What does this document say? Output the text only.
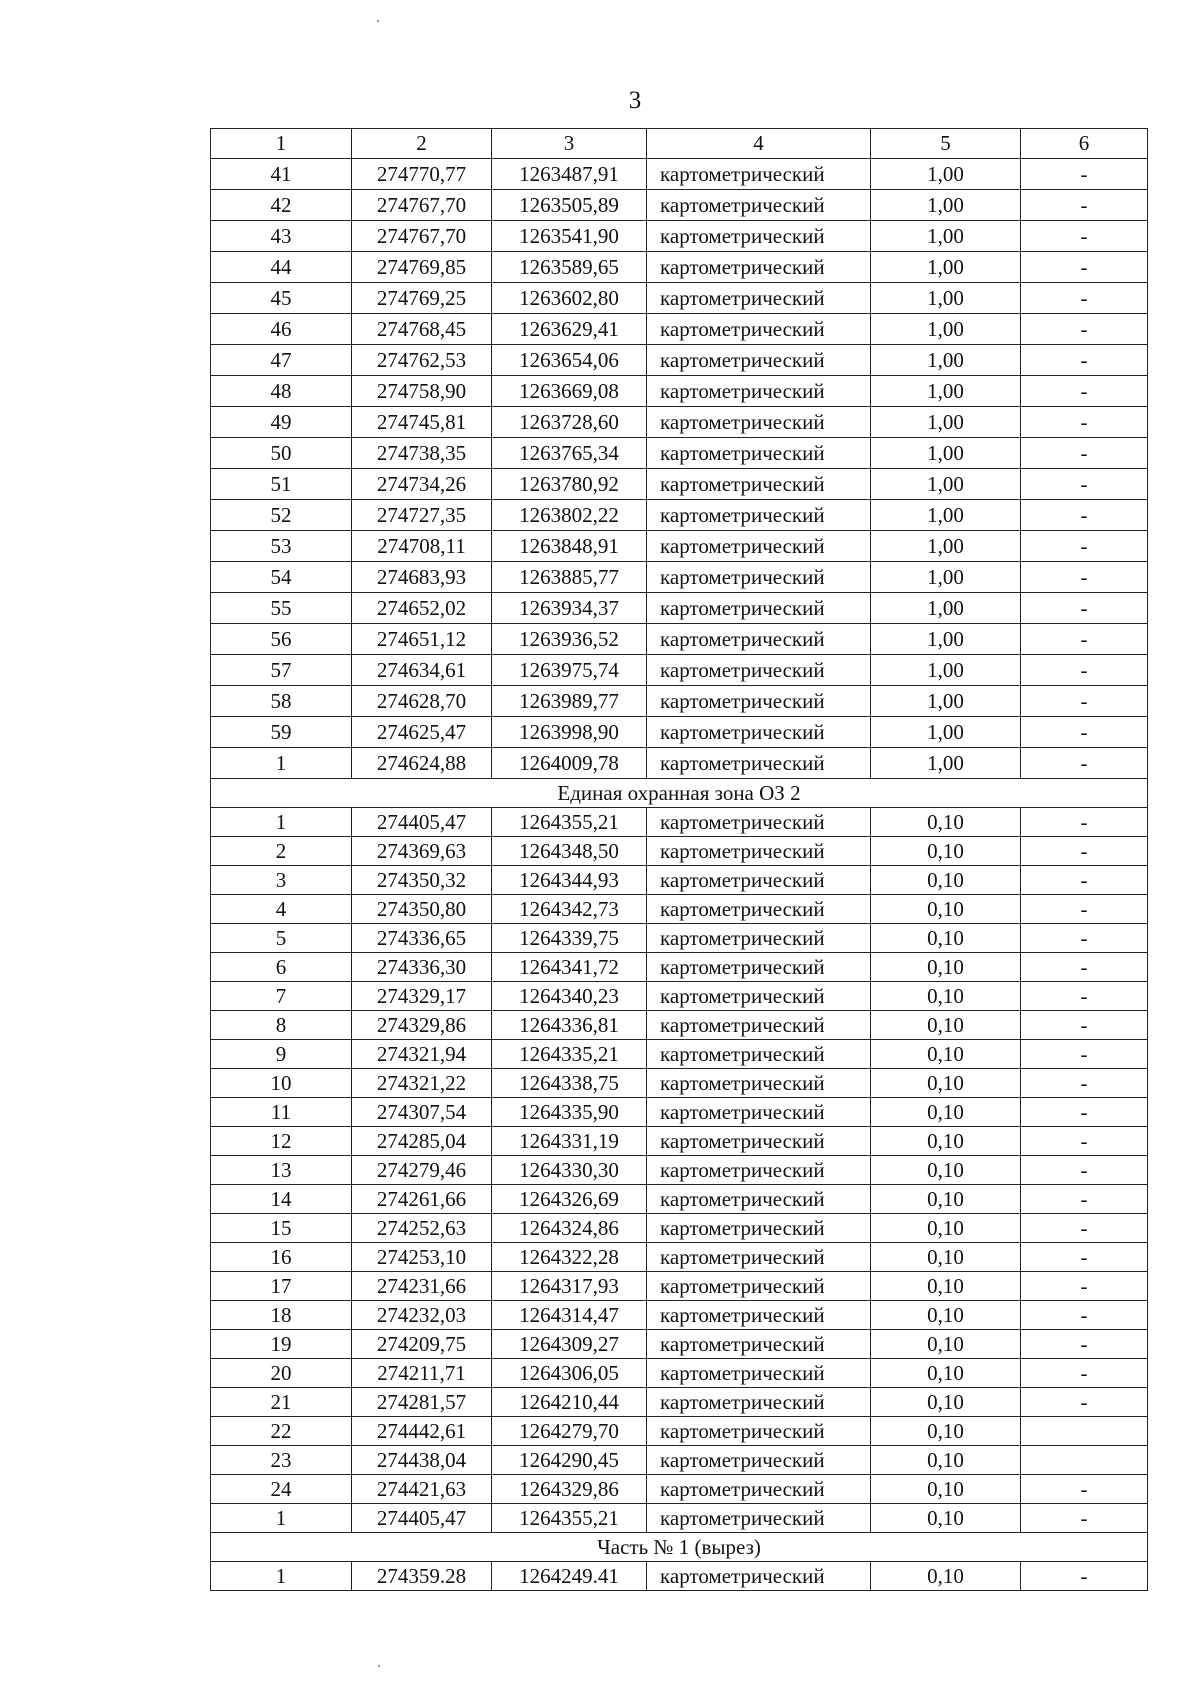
3
1	2	3	4	5	6
41	274770,77	1263487,91	картометрический	1,00	-
42	274767,70	1263505,89	картометрический	1,00	-
43	274767,70	1263541,90	картометрический	1,00	-
44	274769,85	1263589,65	картометрический	1,00	-
45	274769,25	1263602,80	картометрический	1,00	-
46	274768,45	1263629,41	картометрический	1,00	-
47	274762,53	1263654,06	картометрический	1,00	-
48	274758,90	1263669,08	картометрический	1,00	-
49	274745,81	1263728,60	картометрический	1,00	-
50	274738,35	1263765,34	картометрический	1,00	-
51	274734,26	1263780,92	картометрический	1,00	-
52	274727,35	1263802,22	картометрический	1,00	-
53	274708,11	1263848,91	картометрический	1,00	-
54	274683,93	1263885,77	картометрический	1,00	-
55	274652,02	1263934,37	картометрический	1,00	-
56	274651,12	1263936,52	картометрический	1,00	-
57	274634,61	1263975,74	картометрический	1,00	-
58	274628,70	1263989,77	картометрический	1,00	-
59	274625,47	1263998,90	картометрический	1,00	-
1	274624,88	1264009,78	картометрический	1,00	-
Единая охранная зона ОЗ 2					
1	274405,47	1264355,21	картометрический	0,10	-
2	274369,63	1264348,50	картометрический	0,10	-
3	274350,32	1264344,93	картометрический	0,10	-
4	274350,80	1264342,73	картометрический	0,10	-
5	274336,65	1264339,75	картометрический	0,10	-
6	274336,30	1264341,72	картометрический	0,10	-
7	274329,17	1264340,23	картометрический	0,10	-
8	274329,86	1264336,81	картометрический	0,10	-
9	274321,94	1264335,21	картометрический	0,10	-
10	274321,22	1264338,75	картометрический	0,10	-
11	274307,54	1264335,90	картометрический	0,10	-
12	274285,04	1264331,19	картометрический	0,10	-
13	274279,46	1264330,30	картометрический	0,10	-
14	274261,66	1264326,69	картометрический	0,10	-
15	274252,63	1264324,86	картометрический	0,10	-
16	274253,10	1264322,28	картометрический	0,10	-
17	274231,66	1264317,93	картометрический	0,10	-
18	274232,03	1264314,47	картометрический	0,10	-
19	274209,75	1264309,27	картометрический	0,10	-
20	274211,71	1264306,05	картометрический	0,10	-
21	274281,57	1264210,44	картометрический	0,10	-
22	274442,61	1264279,70	картометрический	0,10	
23	274438,04	1264290,45	картометрический	0,10	
24	274421,63	1264329,86	картометрический	0,10	-
1	274405,47	1264355,21	картометрический	0,10	-
Часть № 1 (вырез)					
1	274359.28	1264249.41	картометрический	0,10	-
